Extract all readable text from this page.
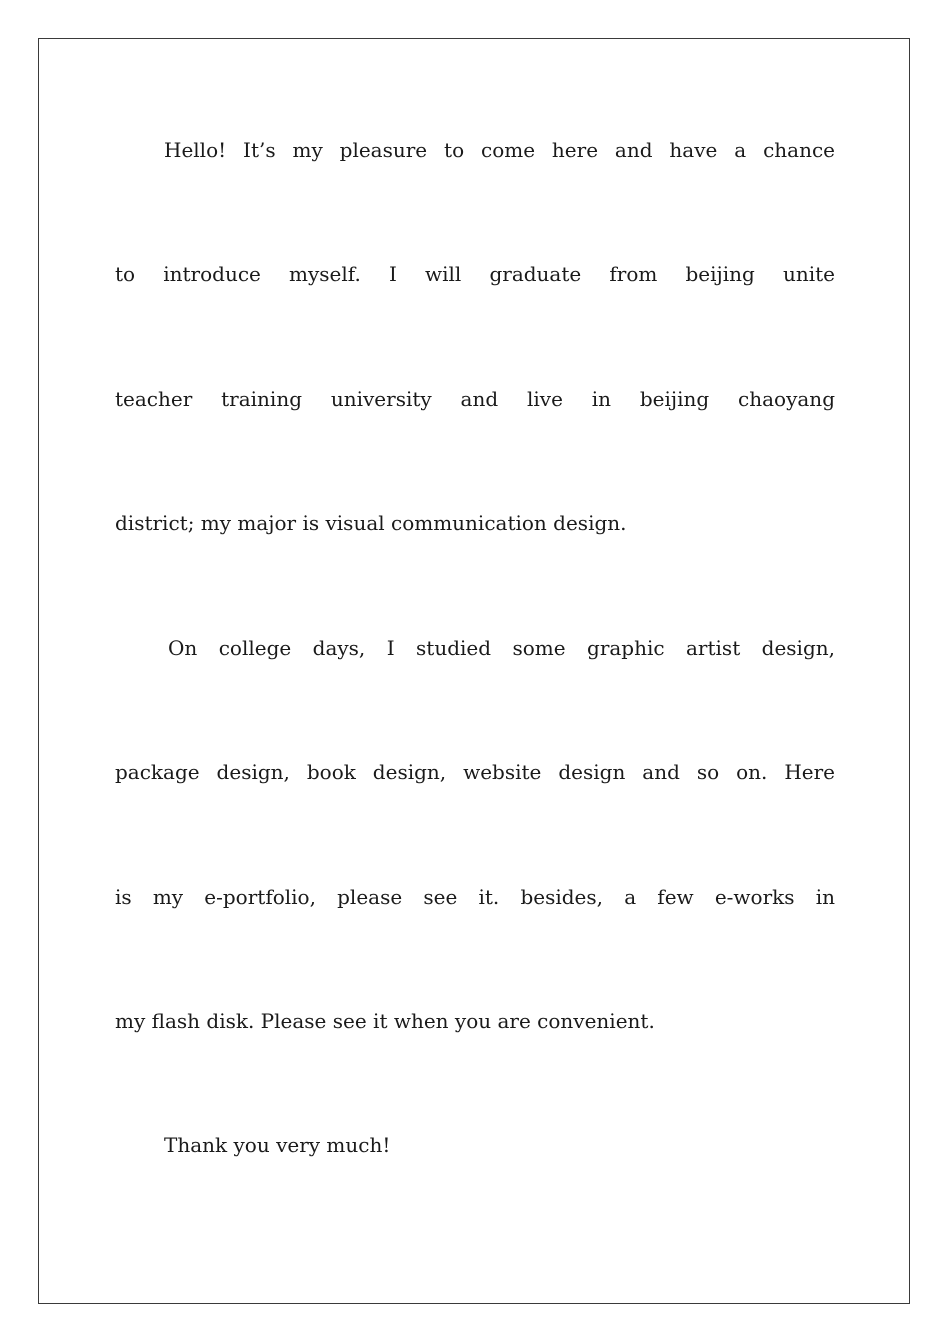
Hello! It’s my pleasure to come here and have a chance
to introduce myself. I will graduate from beijing unite
teacher training university and live in beijing chaoyang
district; my major is visual communication design.
On college days, I studied some graphic artist design,
package design, book design, website design and so on. Here
is my e-portfolio, please see it. besides, a few e-works in
my flash disk. Please see it when you are convenient.
Thank you very much!
